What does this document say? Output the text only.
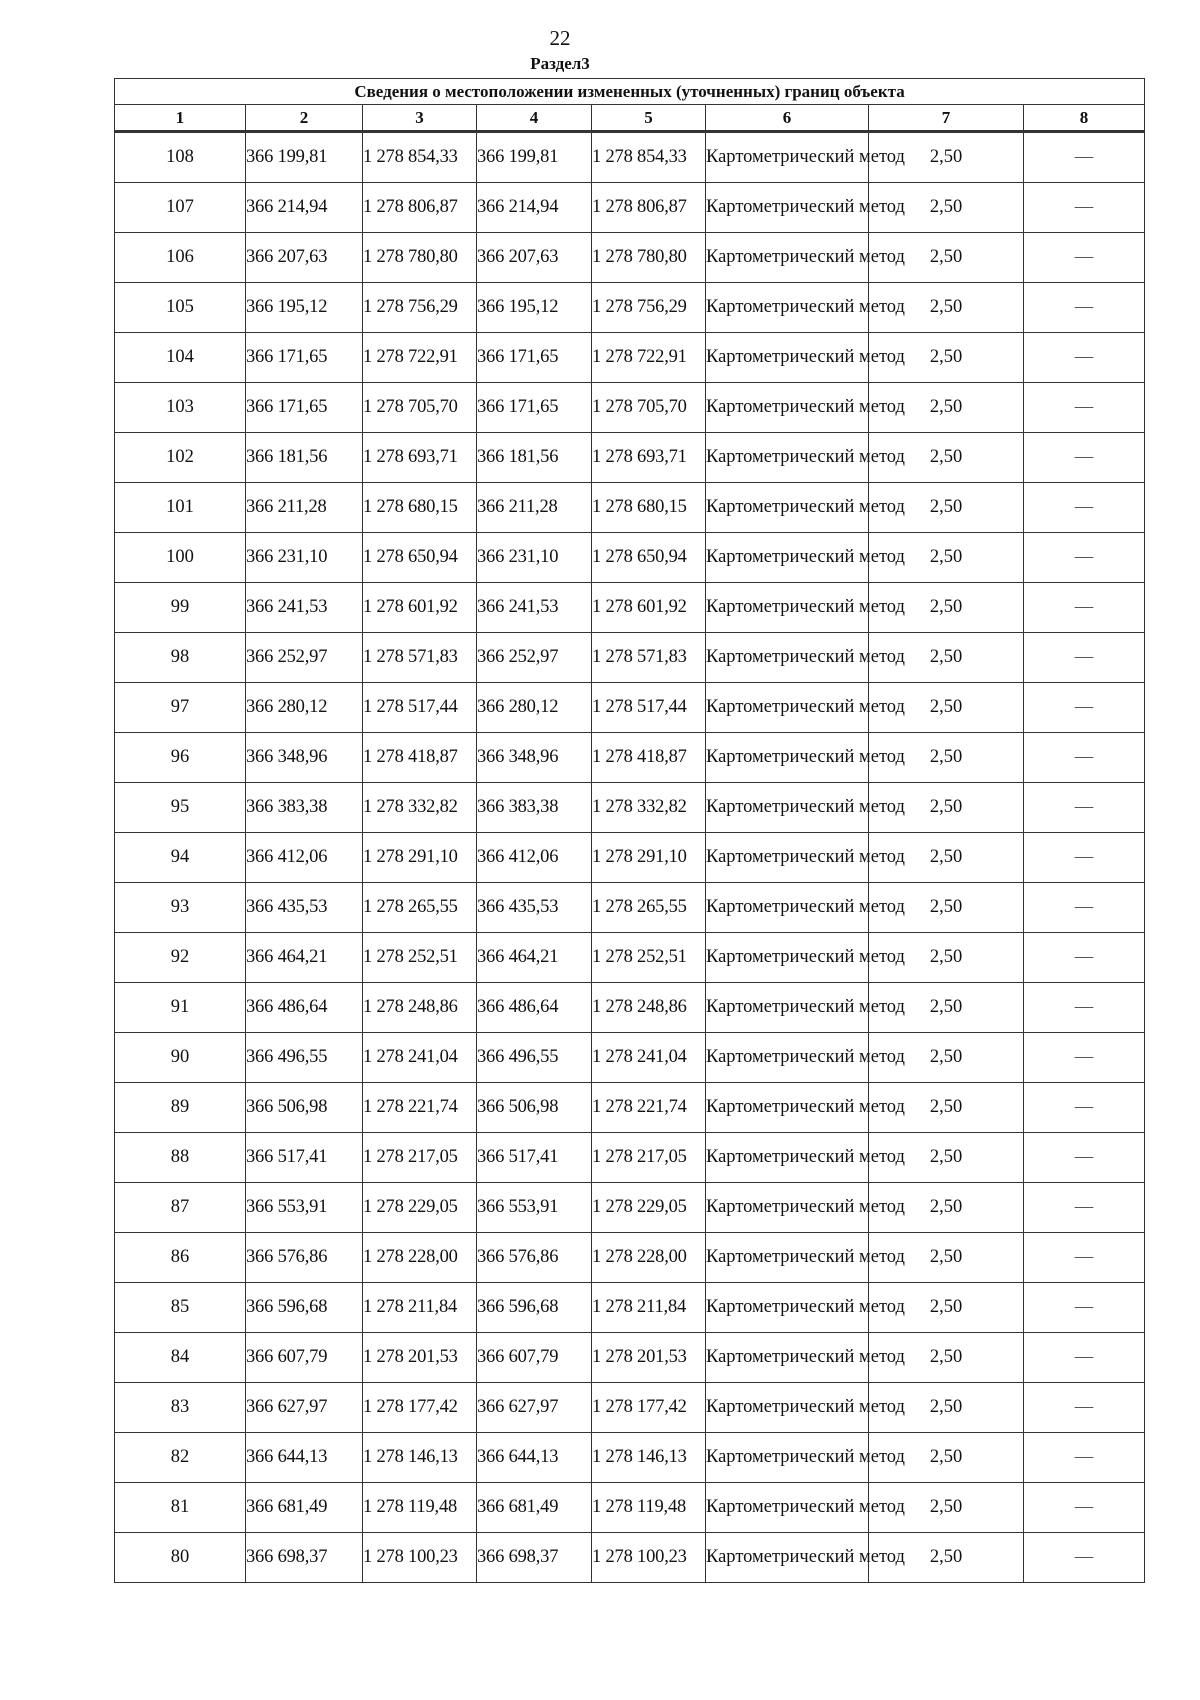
22
Раздел3
Сведения о местоположении измененных (уточненных) границ объекта							
1	2	3	4	5	6	7	8
108	366 199,81	1 278 854,33	366 199,81	1 278 854,33	Картометрический метод	2,50	—
107	366 214,94	1 278 806,87	366 214,94	1 278 806,87	Картометрический метод	2,50	—
106	366 207,63	1 278 780,80	366 207,63	1 278 780,80	Картометрический метод	2,50	—
105	366 195,12	1 278 756,29	366 195,12	1 278 756,29	Картометрический метод	2,50	—
104	366 171,65	1 278 722,91	366 171,65	1 278 722,91	Картометрический метод	2,50	—
103	366 171,65	1 278 705,70	366 171,65	1 278 705,70	Картометрический метод	2,50	—
102	366 181,56	1 278 693,71	366 181,56	1 278 693,71	Картометрический метод	2,50	—
101	366 211,28	1 278 680,15	366 211,28	1 278 680,15	Картометрический метод	2,50	—
100	366 231,10	1 278 650,94	366 231,10	1 278 650,94	Картометрический метод	2,50	—
99	366 241,53	1 278 601,92	366 241,53	1 278 601,92	Картометрический метод	2,50	—
98	366 252,97	1 278 571,83	366 252,97	1 278 571,83	Картометрический метод	2,50	—
97	366 280,12	1 278 517,44	366 280,12	1 278 517,44	Картометрический метод	2,50	—
96	366 348,96	1 278 418,87	366 348,96	1 278 418,87	Картометрический метод	2,50	—
95	366 383,38	1 278 332,82	366 383,38	1 278 332,82	Картометрический метод	2,50	—
94	366 412,06	1 278 291,10	366 412,06	1 278 291,10	Картометрический метод	2,50	—
93	366 435,53	1 278 265,55	366 435,53	1 278 265,55	Картометрический метод	2,50	—
92	366 464,21	1 278 252,51	366 464,21	1 278 252,51	Картометрический метод	2,50	—
91	366 486,64	1 278 248,86	366 486,64	1 278 248,86	Картометрический метод	2,50	—
90	366 496,55	1 278 241,04	366 496,55	1 278 241,04	Картометрический метод	2,50	—
89	366 506,98	1 278 221,74	366 506,98	1 278 221,74	Картометрический метод	2,50	—
88	366 517,41	1 278 217,05	366 517,41	1 278 217,05	Картометрический метод	2,50	—
87	366 553,91	1 278 229,05	366 553,91	1 278 229,05	Картометрический метод	2,50	—
86	366 576,86	1 278 228,00	366 576,86	1 278 228,00	Картометрический метод	2,50	—
85	366 596,68	1 278 211,84	366 596,68	1 278 211,84	Картометрический метод	2,50	—
84	366 607,79	1 278 201,53	366 607,79	1 278 201,53	Картометрический метод	2,50	—
83	366 627,97	1 278 177,42	366 627,97	1 278 177,42	Картометрический метод	2,50	—
82	366 644,13	1 278 146,13	366 644,13	1 278 146,13	Картометрический метод	2,50	—
81	366 681,49	1 278 119,48	366 681,49	1 278 119,48	Картометрический метод	2,50	—
80	366 698,37	1 278 100,23	366 698,37	1 278 100,23	Картометрический метод	2,50	—
